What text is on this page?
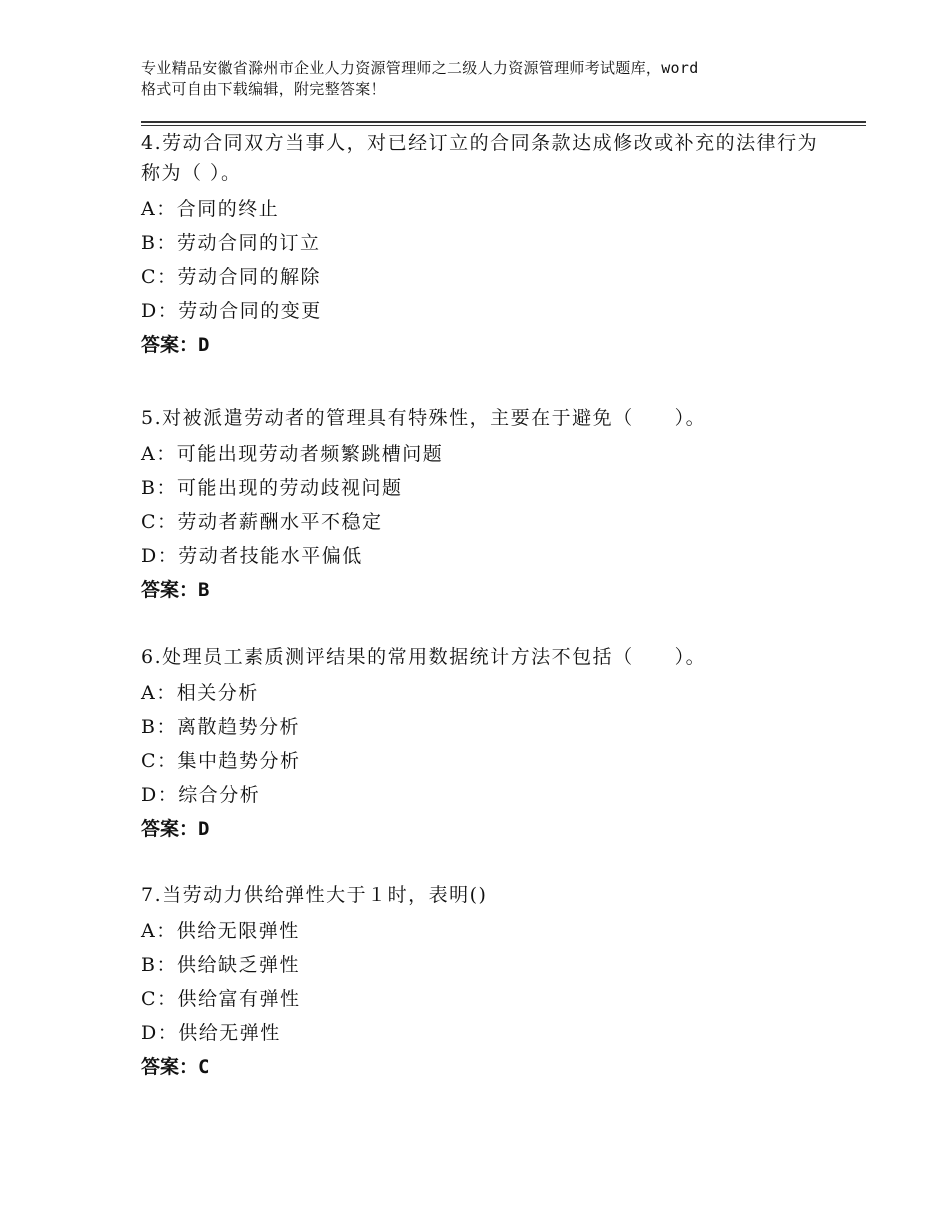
专业精品安徽省滁州市企业人力资源管理师之二级人力资源管理师考试题库，word
格式可自由下载编辑，附完整答案！
4.劳动合同双方当事人，对已经订立的合同条款达成修改或补充的法律行为称为（ ）。
A：合同的终止
B：劳动合同的订立
C：劳动合同的解除
D：劳动合同的变更
答案：D
5.对被派遣劳动者的管理具有特殊性，主要在于避免（　　）。
A：可能出现劳动者频繁跳槽问题
B：可能出现的劳动歧视问题
C：劳动者薪酬水平不稳定
D：劳动者技能水平偏低
答案：B
6.处理员工素质测评结果的常用数据统计方法不包括（　　）。
A：相关分析
B：离散趋势分析
C：集中趋势分析
D：综合分析
答案：D
7.当劳动力供给弹性大于１时，表明()
A：供给无限弹性
B：供给缺乏弹性
C：供给富有弹性
D：供给无弹性
答案：C
